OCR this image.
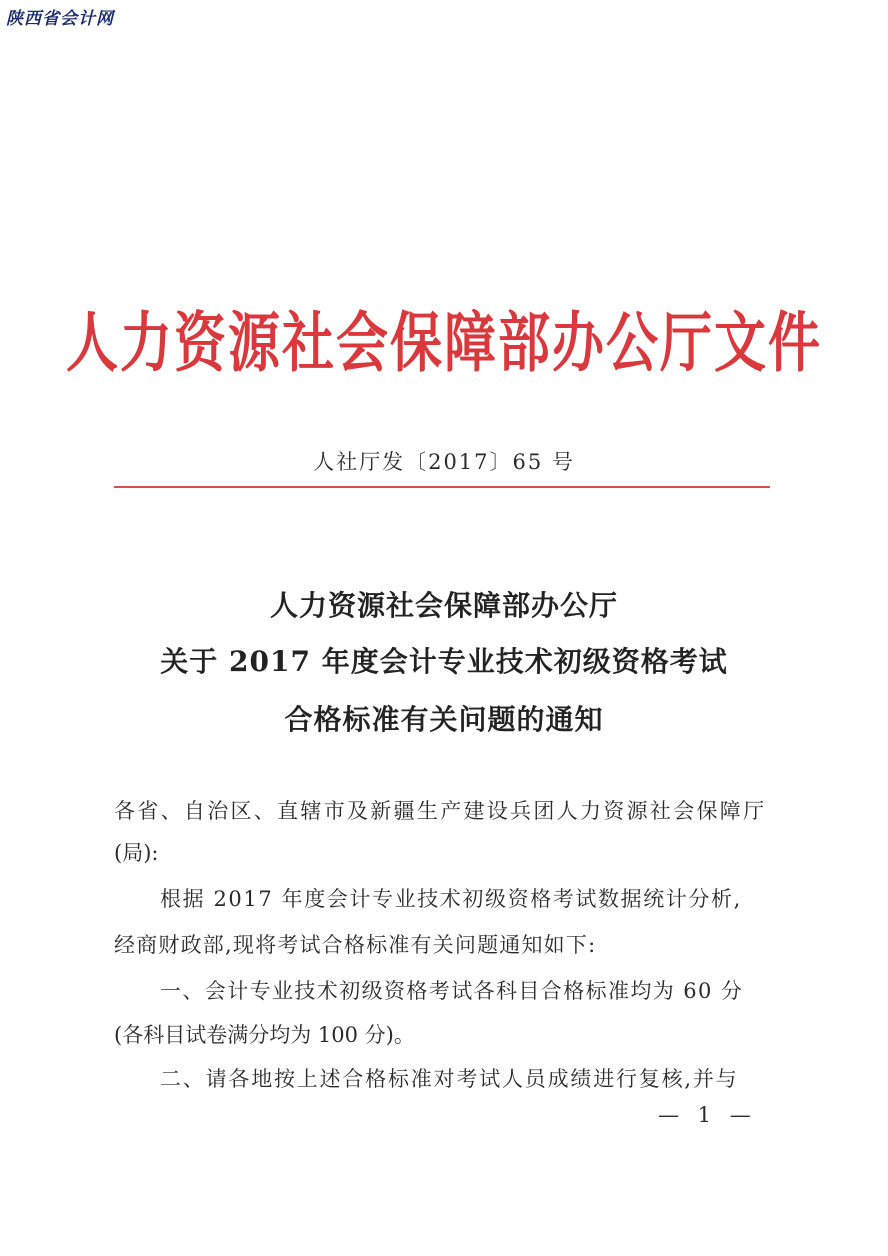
陕西省会计网
人力资源社会保障部办公厅文件
人社厅发〔2017〕65 号
人力资源社会保障部办公厅
关于 2017 年度会计专业技术初级资格考试
合格标准有关问题的通知
各省、自治区、直辖市及新疆生产建设兵团人力资源社会保障厅
(局):
根据 2017 年度会计专业技术初级资格考试数据统计分析,
经商财政部,现将考试合格标准有关问题通知如下:
一、会计专业技术初级资格考试各科目合格标准均为 60 分
(各科目试卷满分均为 100 分)。
二、请各地按上述合格标准对考试人员成绩进行复核,并与
— 1 —
